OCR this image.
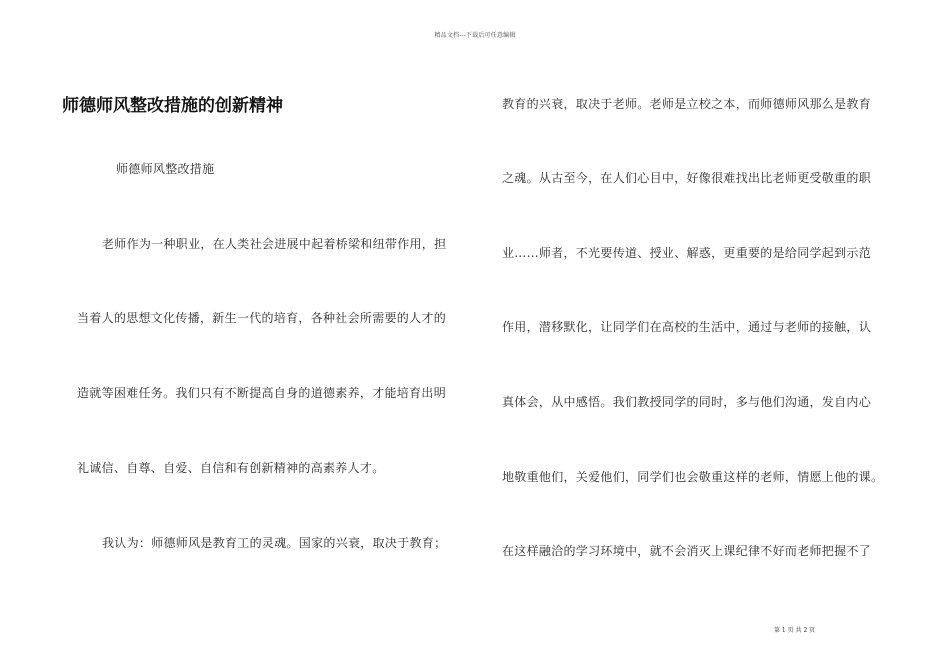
精品文档---下载后可任意编辑
师德师风整改措施的创新精神
师德师风整改措施
老师作为一种职业，在人类社会进展中起着桥梁和纽带作用，担
当着人的思想文化传播，新生一代的培育，各种社会所需要的人才的
造就等困难任务。我们只有不断提高自身的道德素养，才能培育出明
礼诚信、自尊、自爱、自信和有创新精神的高素养人才。
我认为：师德师风是教育工的灵魂。国家的兴衰，取决于教育；
教育的兴衰，取决于老师。老师是立校之本，而师德师风那么是教育
之魂。从古至今，在人们心目中，好像很难找出比老师更受敬重的职
业……师者，不光要传道、授业、解惑，更重要的是给同学起到示范
作用，潜移默化，让同学们在高校的生活中，通过与老师的接触，认
真体会，从中感悟。我们教授同学的同时，多与他们沟通，发自内心
地敬重他们，关爱他们，同学们也会敬重这样的老师，情愿上他的课。
在这样融洽的学习环境中，就不会消灭上课纪律不好而老师把握不了
第 1 页 共 2 页
